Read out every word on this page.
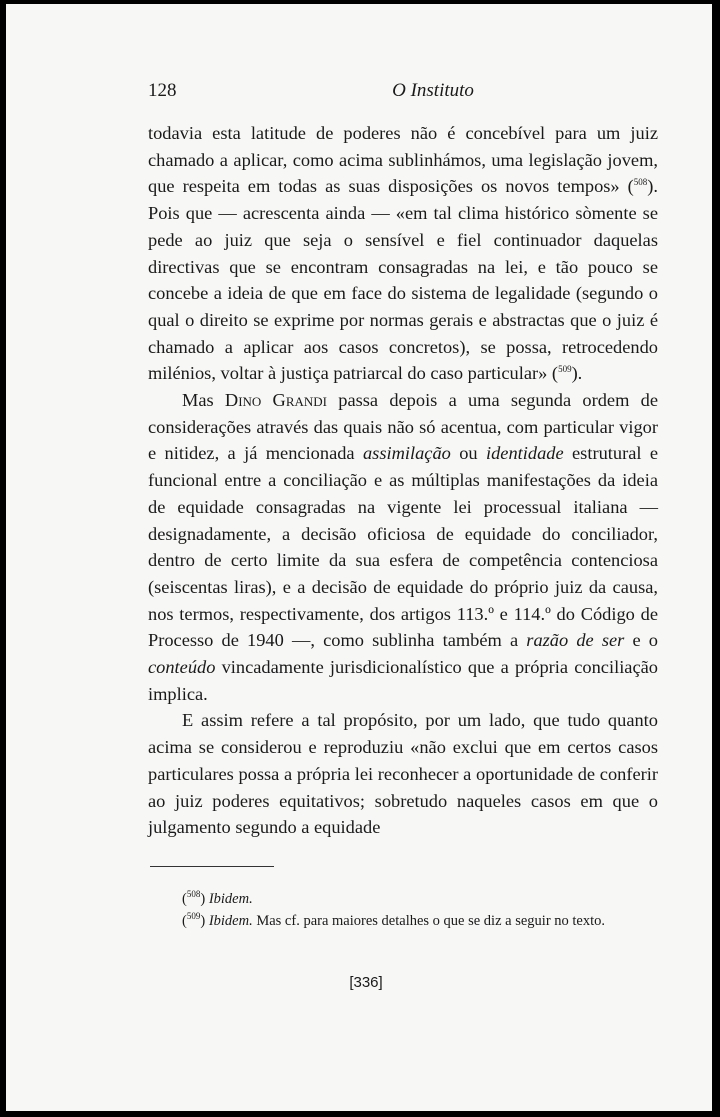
128	O Instituto

todavia esta latitude de poderes não é concebível para um juiz chamado a aplicar, como acima sublinhámos, uma legislação jovem, que respeita em todas as suas disposições os novos tempos» ($^{508}$). Pois que — acrescenta ainda — «em tal clima histórico sòmente se pede ao juiz que seja o sensível e fiel continuador daquelas directivas que se encontram consagradas na lei, e tão pouco se concebe a ideia de que em face do sistema de legalidade (segundo o qual o direito se exprime por normas gerais e abstractas que o juiz é chamado a aplicar aos casos concretos), se possa, retrocedendo milénios, voltar à justiça patriarcal do caso particular» ($^{509}$).

Mas Dino Grandi passa depois a uma segunda ordem de considerações através das quais não só acentua, com particular vigor e nitidez, a já mencionada assimilação ou identidade estrutural e funcional entre a conciliação e as múltiplas manifestações da ideia de equidade consagradas na vigente lei processual italiana — designadamente, a decisão oficiosa de equidade do conciliador, dentro de certo limite da sua esfera de competência contenciosa (seiscentas liras), e a decisão de equidade do próprio juiz da causa, nos termos, respectivamente, dos artigos 113.º e 114.º do Código de Processo de 1940 —, como sublinha também a razão de ser e o conteúdo vincadamente jurisdicionalístico que a própria conciliação implica.

E assim refere a tal propósito, por um lado, que tudo quanto acima se considerou e reproduziu «não exclui que em certos casos particulares possa a própria lei reconhecer a oportunidade de conferir ao juiz poderes equitativos; sobretudo naqueles casos em que o julgamento segundo a equidade

($^{508}$) Ibidem.

($^{509}$) Ibidem. Mas cf. para maiores detalhes o que se diz a seguir no texto.

[336]
